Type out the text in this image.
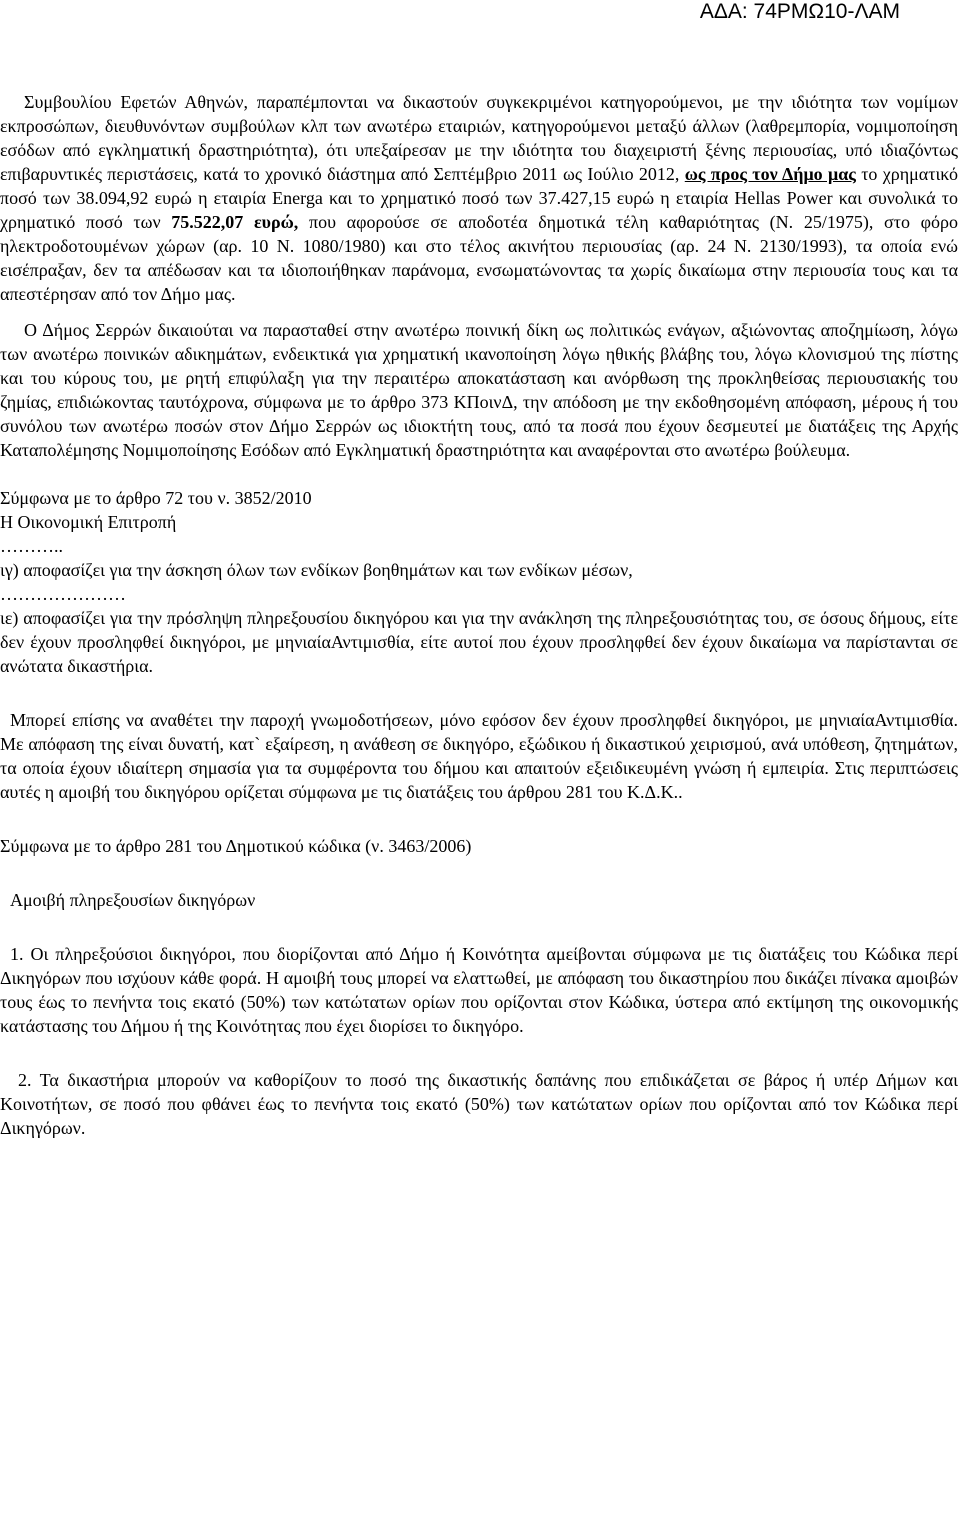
ΑΔΑ: 74ΡΜΩ10-ΛΑΜ

Συμβουλίου Εφετών Αθηνών, παραπέμπονται να δικαστούν συγκεκριμένοι κατηγορούμενοι, με την ιδιότητα των νομίμων εκπροσώπων, διευθυνόντων συμβούλων κλπ των ανωτέρω εταιριών, κατηγορούμενοι μεταξύ άλλων (λαθρεμπορία, νομιμοποίηση εσόδων από εγκληματική δραστηριότητα), ότι υπεξαίρεσαν με την ιδιότητα του διαχειριστή ξένης περιουσίας, υπό ιδιαζόντως επιβαρυντικές περιστάσεις, κατά το χρονικό διάστημα από Σεπτέμβριο 2011 ως Ιούλιο 2012, ως προς τον Δήμο μας το χρηματικό ποσό των 38.094,92 ευρώ η εταιρία Energa και το χρηματικό ποσό των 37.427,15 ευρώ η εταιρία Hellas Power και συνολικά το χρηματικό ποσό των 75.522,07 ευρώ, που αφορούσε σε αποδοτέα δημοτικά τέλη καθαριότητας (Ν. 25/1975), στο φόρο ηλεκτροδοτουμένων χώρων (αρ. 10 Ν. 1080/1980) και στο τέλος ακινήτου περιουσίας (αρ. 24 Ν. 2130/1993), τα οποία ενώ εισέπραξαν, δεν τα απέδωσαν και τα ιδιοποιήθηκαν παράνομα, ενσωματώνοντας τα χωρίς δικαίωμα στην περιουσία τους και τα απεστέρησαν από τον Δήμο μας.

Ο Δήμος Σερρών δικαιούται να παρασταθεί στην ανωτέρω ποινική δίκη ως πολιτικώς ενάγων, αξιώνοντας αποζημίωση, λόγω των ανωτέρω ποινικών αδικημάτων, ενδεικτικά για χρηματική ικανοποίηση λόγω ηθικής βλάβης του, λόγω κλονισμού της πίστης και του κύρους του, με ρητή επιφύλαξη για την περαιτέρω αποκατάσταση και ανόρθωση της προκληθείσας περιουσιακής του ζημίας, επιδιώκοντας ταυτόχρονα, σύμφωνα με το άρθρο 373 ΚΠοινΔ, την απόδοση με την εκδοθησομένη απόφαση, μέρους ή του συνόλου των ανωτέρω ποσών στον Δήμο Σερρών ως ιδιοκτήτη τους, από τα ποσά που έχουν δεσμευτεί με διατάξεις της Αρχής Καταπολέμησης Νομιμοποίησης Εσόδων από Εγκληματική δραστηριότητα και αναφέρονται στο ανωτέρω βούλευμα.

Σύμφωνα με το άρθρο 72 του ν. 3852/2010

Η Οικονομική Επιτροπή

………..

ιγ) αποφασίζει για την άσκηση όλων των ενδίκων βοηθημάτων και των ενδίκων μέσων,

…………………

ιε) αποφασίζει για την πρόσληψη πληρεξουσίου δικηγόρου και για την ανάκληση της πληρεξουσιότητας του, σε όσους δήμους, είτε δεν έχουν προσληφθεί δικηγόροι, με μηνιαίαΑντιμισθία, είτε αυτοί που έχουν προσληφθεί δεν έχουν δικαίωμα να παρίστανται σε ανώτατα δικαστήρια.

Μπορεί επίσης να αναθέτει την παροχή γνωμοδοτήσεων, μόνο εφόσον δεν έχουν προσληφθεί δικηγόροι, με μηνιαίαΑντιμισθία. Με απόφαση της είναι δυνατή, κατ` εξαίρεση, η ανάθεση σε δικηγόρο, εξώδικου ή δικαστικού χειρισμού, ανά υπόθεση, ζητημάτων, τα οποία έχουν ιδιαίτερη σημασία για τα συμφέροντα του δήμου και απαιτούν εξειδικευμένη γνώση ή εμπειρία. Στις περιπτώσεις αυτές η αμοιβή του δικηγόρου ορίζεται σύμφωνα με τις διατάξεις του άρθρου 281 του Κ.Δ.Κ..

Σύμφωνα με το άρθρο 281 του Δημοτικού κώδικα (ν. 3463/2006)

Αμοιβή πληρεξουσίων δικηγόρων

1. Οι πληρεξούσιοι δικηγόροι, που διορίζονται από Δήμο ή Κοινότητα αμείβονται σύμφωνα με τις διατάξεις του Κώδικα περί Δικηγόρων που ισχύουν κάθε φορά. Η αμοιβή τους μπορεί να ελαττωθεί, με απόφαση του δικαστηρίου που δικάζει πίνακα αμοιβών τους έως το πενήντα τοις εκατό (50%) των κατώτατων ορίων που ορίζονται στον Κώδικα, ύστερα από εκτίμηση της οικονομικής κατάστασης του Δήμου ή της Κοινότητας που έχει διορίσει το δικηγόρο.

2. Τα δικαστήρια μπορούν να καθορίζουν το ποσό της δικαστικής δαπάνης που επιδικάζεται σε βάρος ή υπέρ Δήμων και Κοινοτήτων, σε ποσό που φθάνει έως το πενήντα τοις εκατό (50%) των κατώτατων ορίων που ορίζονται από τον Κώδικα περί Δικηγόρων.
